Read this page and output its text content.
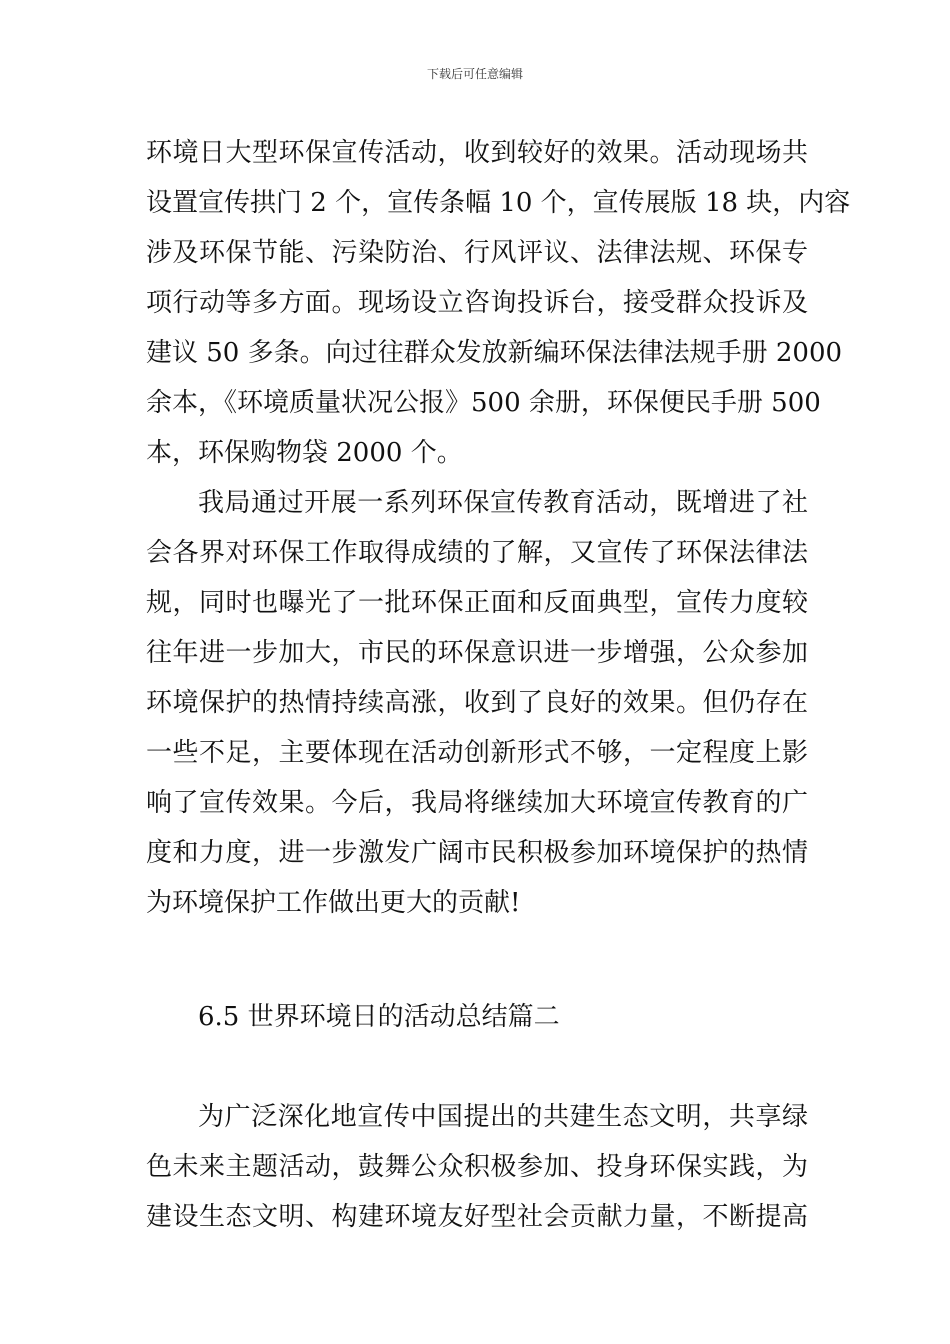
下载后可任意编辑
环境日大型环保宣传活动，收到较好的效果。活动现场共
设置宣传拱门 2 个，宣传条幅 10 个，宣传展版 18 块，内容
涉及环保节能、污染防治、行风评议、法律法规、环保专
项行动等多方面。现场设立咨询投诉台，接受群众投诉及
建议 50 多条。向过往群众发放新编环保法律法规手册 2000
余本，《环境质量状况公报》500 余册，环保便民手册 500
本，环保购物袋 2000 个。
我局通过开展一系列环保宣传教育活动，既增进了社
会各界对环保工作取得成绩的了解，又宣传了环保法律法
规，同时也曝光了一批环保正面和反面典型，宣传力度较
往年进一步加大，市民的环保意识进一步增强，公众参加
环境保护的热情持续高涨，收到了良好的效果。但仍存在
一些不足，主要体现在活动创新形式不够，一定程度上影
响了宣传效果。今后，我局将继续加大环境宣传教育的广
度和力度，进一步激发广阔市民积极参加环境保护的热情
为环境保护工作做出更大的贡献!
6.5 世界环境日的活动总结篇二
为广泛深化地宣传中国提出的共建生态文明，共享绿
色未来主题活动，鼓舞公众积极参加、投身环保实践，为
建设生态文明、构建环境友好型社会贡献力量，不断提高
